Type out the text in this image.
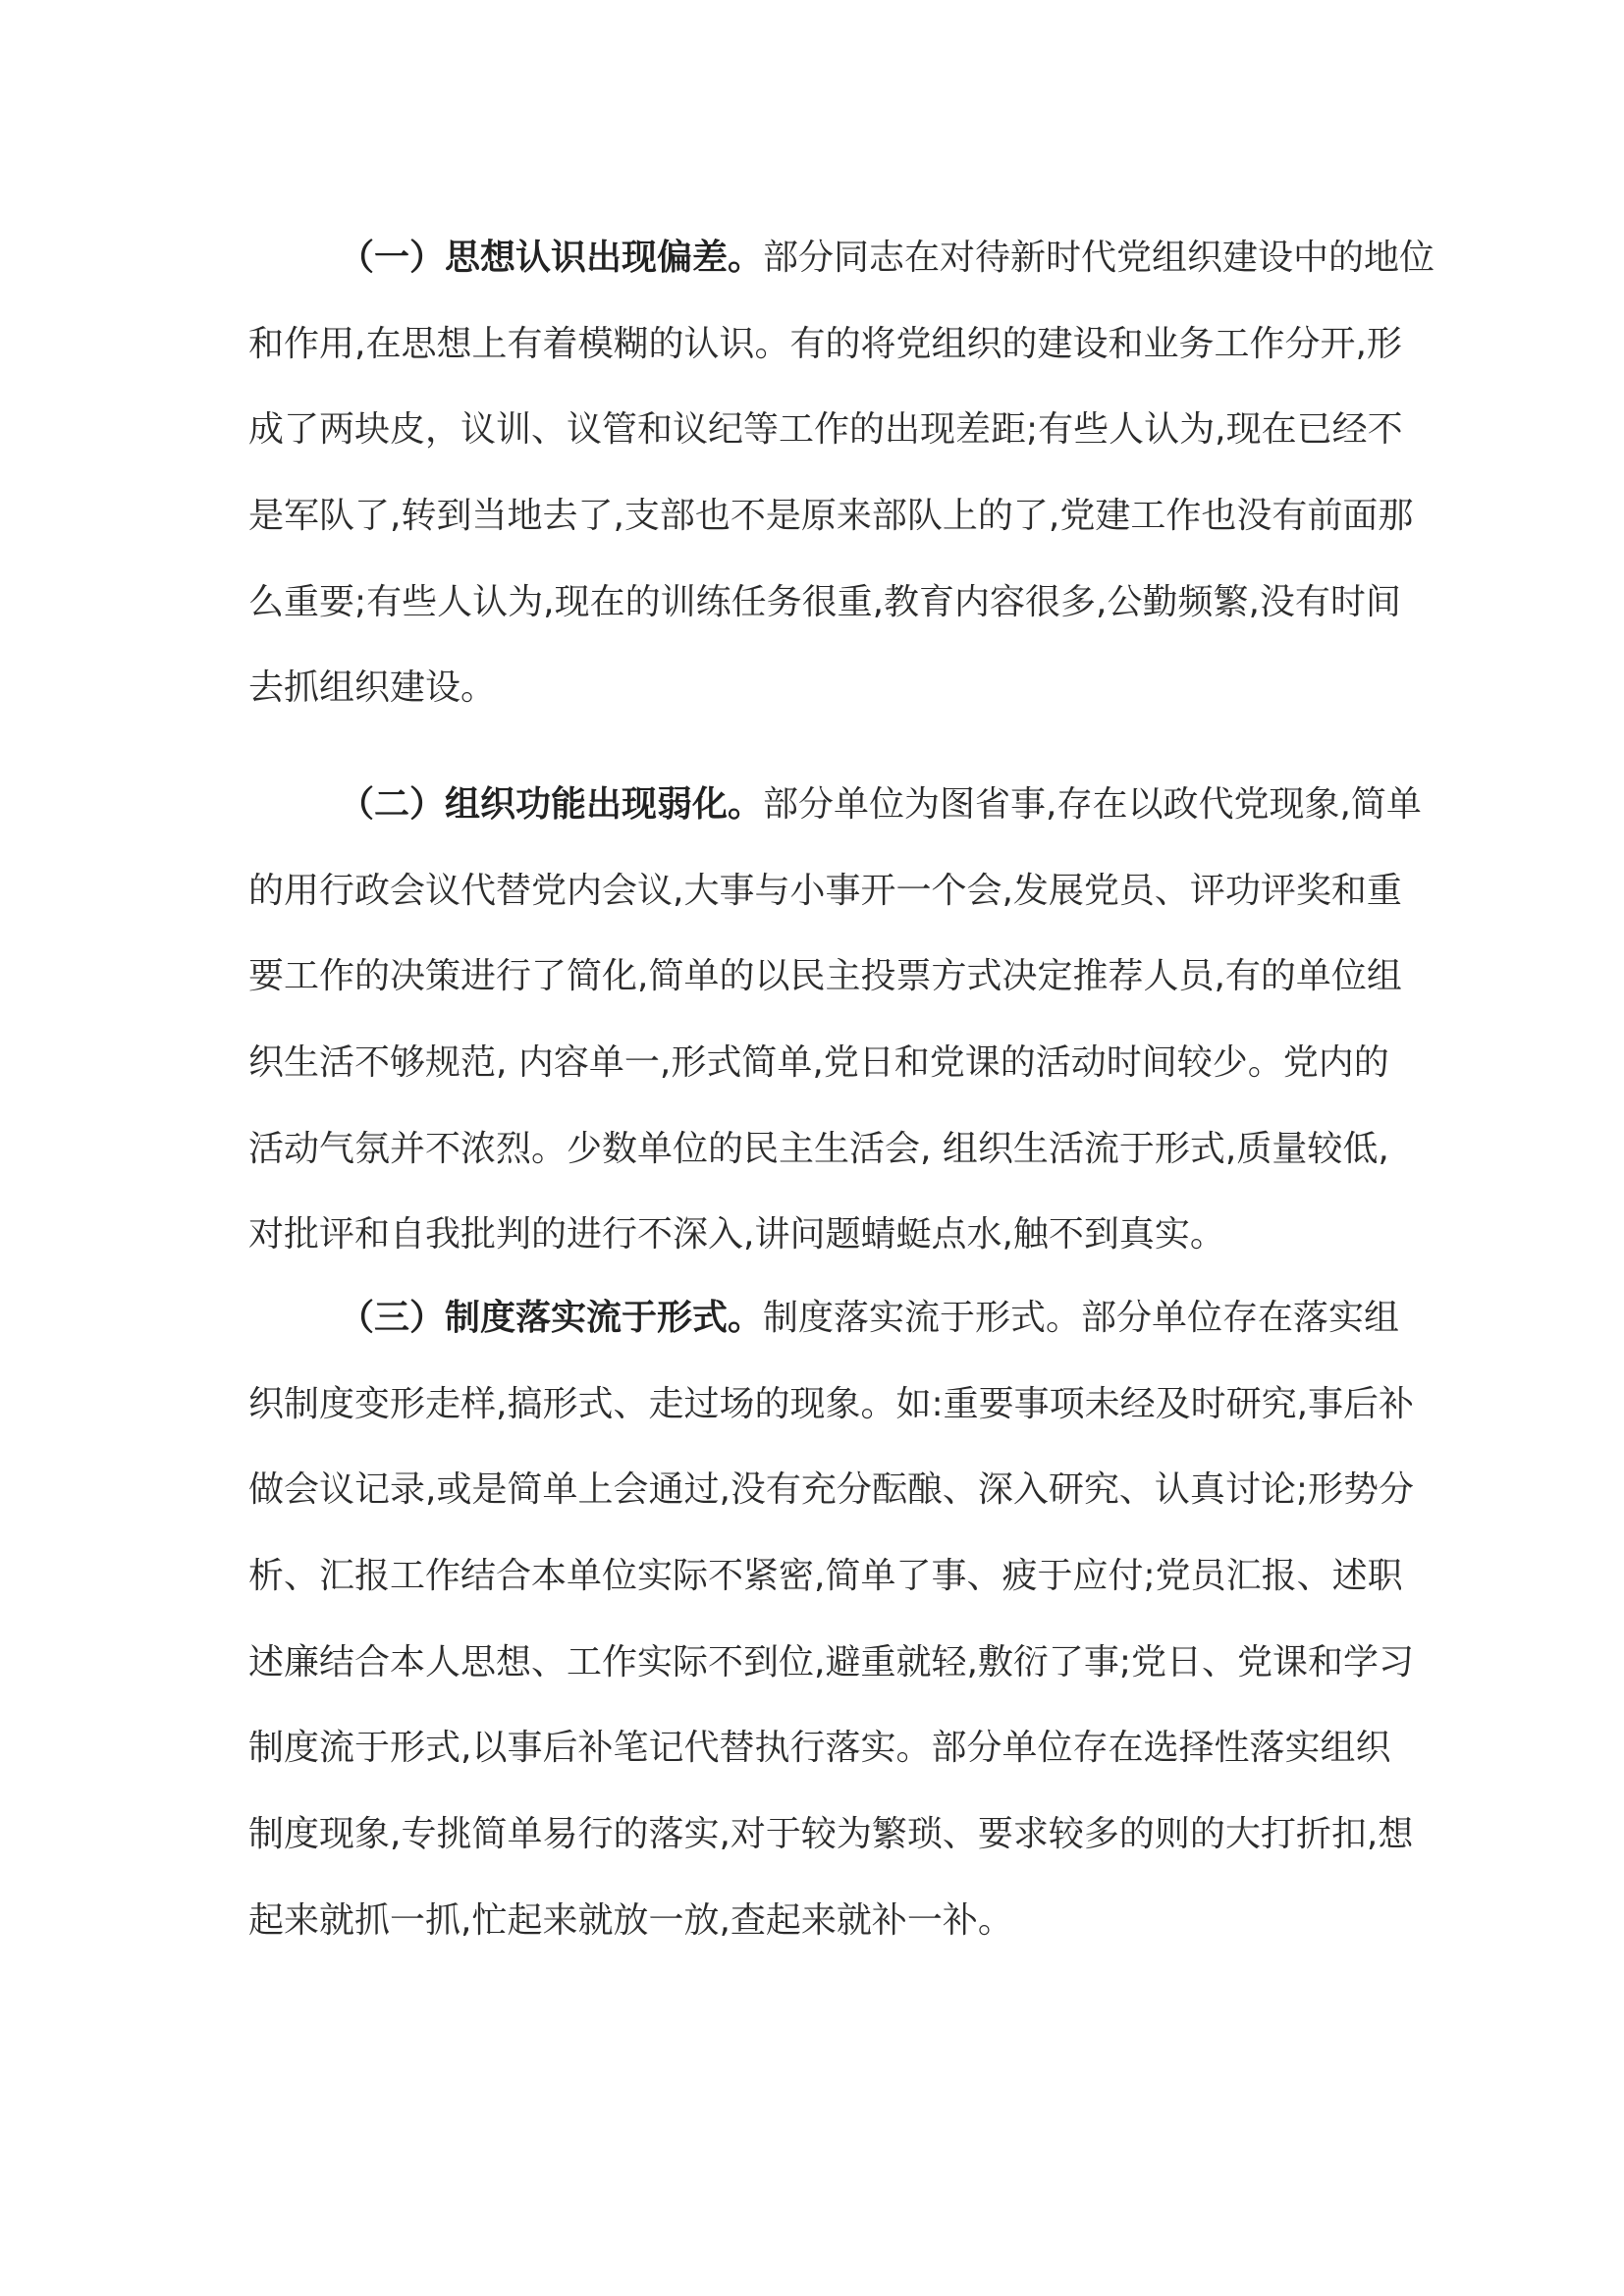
（一）思想认识出现偏差。部分同志在对待新时代党组织建设中的地位
和作用,在思想上有着模糊的认识。有的将党组织的建设和业务工作分开,形
成了两块皮，议训、议管和议纪等工作的出现差距;有些人认为,现在已经不
是军队了,转到当地去了,支部也不是原来部队上的了,党建工作也没有前面那
么重要;有些人认为,现在的训练任务很重,教育内容很多,公勤频繁,没有时间
去抓组织建设。
（二）组织功能出现弱化。部分单位为图省事,存在以政代党现象,简单
的用行政会议代替党内会议,大事与小事开一个会,发展党员、评功评奖和重
要工作的决策进行了简化,简单的以民主投票方式决定推荐人员,有的单位组
织生活不够规范, 内容单一,形式简单,党日和党课的活动时间较少。党内的
活动气氛并不浓烈。少数单位的民主生活会, 组织生活流于形式,质量较低,
对批评和自我批判的进行不深入,讲问题蜻蜓点水,触不到真实。
（三）制度落实流于形式。制度落实流于形式。部分单位存在落实组
织制度变形走样,搞形式、走过场的现象。如:重要事项未经及时研究,事后补
做会议记录,或是简单上会通过,没有充分酝酿、深入研究、认真讨论;形势分
析、汇报工作结合本单位实际不紧密,简单了事、疲于应付;党员汇报、述职
述廉结合本人思想、工作实际不到位,避重就轻,敷衍了事;党日、党课和学习
制度流于形式,以事后补笔记代替执行落实。部分单位存在选择性落实组织
制度现象,专挑简单易行的落实,对于较为繁琐、要求较多的则的大打折扣,想
起来就抓一抓,忙起来就放一放,查起来就补一补。
